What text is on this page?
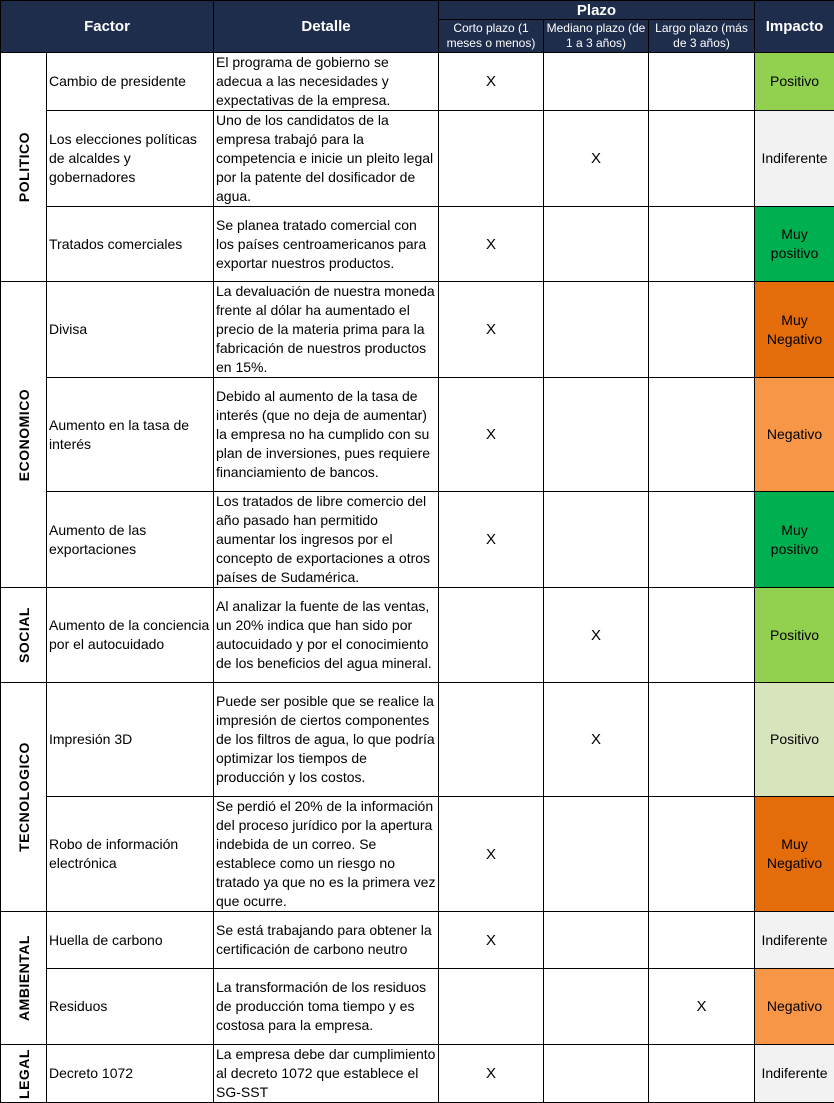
Factor		Detalle	Plazo			Impacto
			Corto plazo (1 meses o menos)	Mediano plazo (de 1 a 3 años)	Largo plazo (más de 3 años)	

POLITICO	Cambio de presidente	El programa de gobierno se adecua a las necesidades y expectativas de la empresa.	X			Positivo
	Los elecciones políticas de alcaldes y gobernadores	Uno de los candidatos de la empresa trabajó para la competencia e inicie un pleito legal por la patente del dosificador de agua.		X		Indiferente
	Tratados comerciales	Se planea tratado comercial con los países centroamericanos para exportar nuestros productos.	X			Muy positivo

ECONOMICO	Divisa	La devaluación de nuestra moneda frente al dólar ha aumentado el precio de la materia prima para la fabricación de nuestros productos en 15%.	X			Muy Negativo
	Aumento en la tasa de interés	Debido al aumento de la tasa de interés (que no deja de aumentar) la empresa no ha cumplido con su plan de inversiones, pues requiere financiamiento de bancos.	X			Negativo
	Aumento de las exportaciones	Los tratados de libre comercio del año pasado han permitido aumentar los ingresos por el concepto de exportaciones a otros países de Sudamérica.	X			Muy positivo

SOCIAL	Aumento de la conciencia por el autocuidado	Al analizar la fuente de las ventas, un 20% indica que han sido por autocuidado y por el conocimiento de los beneficios del agua mineral.		X		Positivo

TECNOLOGICO	Impresión 3D	Puede ser posible que se realice la impresión de ciertos componentes de los filtros de agua, lo que podría optimizar los tiempos de producción y los costos.		X		Positivo
	Robo de información electrónica	Se perdió el 20% de la información del proceso jurídico por la apertura indebida de un correo. Se establece como un riesgo no tratado ya que no es la primera vez que ocurre.	X			Muy Negativo

AMBIENTAL	Huella de carbono	Se está trabajando para obtener la certificación de carbono neutro	X			Indiferente
	Residuos	La transformación de los residuos de producción toma tiempo y es costosa para la empresa.			X	Negativo

LEGAL	Decreto 1072	La empresa debe dar cumplimiento al decreto 1072 que establece el SG-SST	X			Indiferente
